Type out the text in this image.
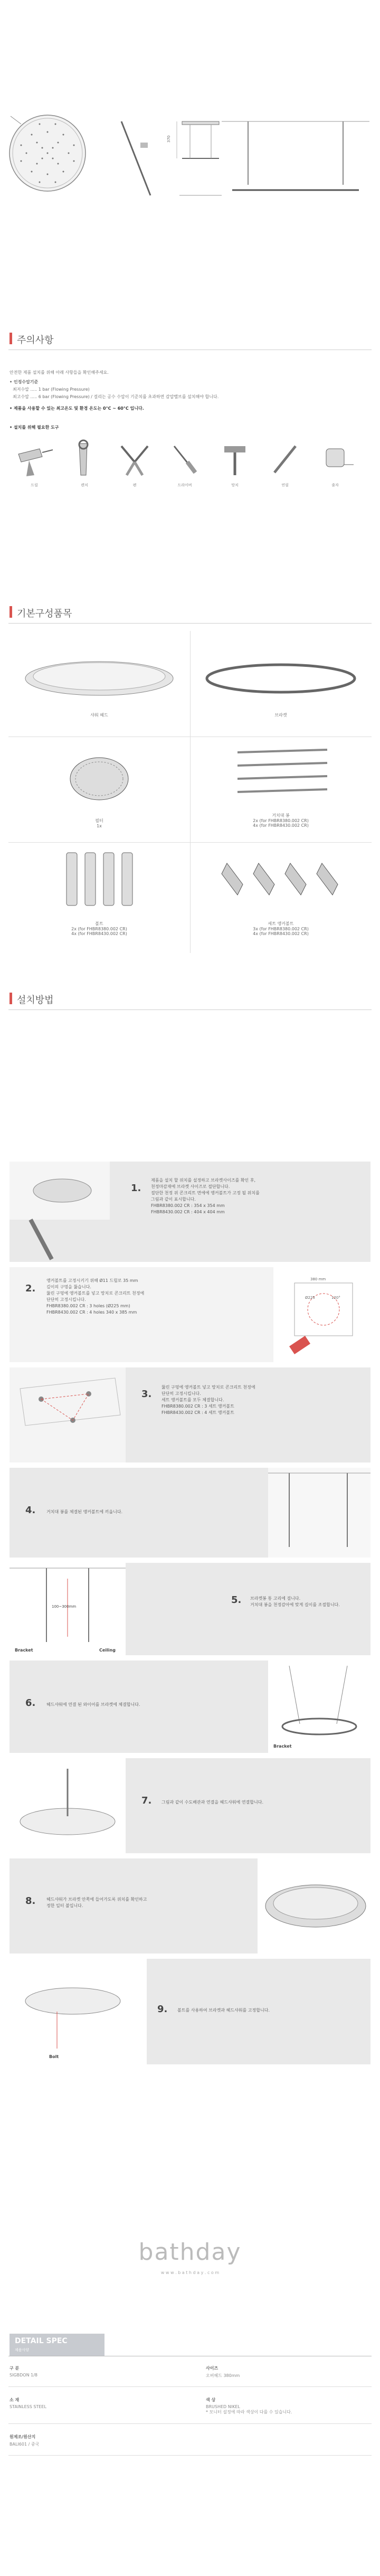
370
주의사항
안전한 제품 설치를 위해 아래 사항들을 확인해주세요.
• 인정수압기준
최저수압 ..... 1 bar (Flowing Pressure)
최고수압 ..... 6 bar (Flowing Pressure) / 걸리는 공수 수압이 기준치를 초과하면 감압밸브를 설치해야 합니다.
• 제품을 사용할 수 있는 최고온도 및 환경 온도는 0°C ~ 60°C 입니다.
• 설치를 위해 필요한 도구
드릴	렌치	펜	드라이버	망치	연필	줄자
기본구성품목
샤워 헤드	브라켓
필터
1x
거치대 봉
2x (for FHBR8380.002 CR)
4x (for FHBR8430.002 CR)
볼트
2x (for FHBR8380.002 CR)
4x (for FHBR8430.002 CR)
세트 앵커볼트
3x (for FHBR8380.002 CR)
4x (for FHBR8430.002 CR)
설치방법
1.
제품을 설치 할 위치를 설정하고 브라켓사이즈를 확인 후,
천정마감재에 브라켓 사이즈로 절단합니다.
절단한 천정 위 콘크리트 면에에 앵커볼트가 고정 될 위치를
그림과 같이 표시합니다.
FHBR8380.002 CR : 354 x 354 mm
FHBR8430.002 CR : 404 x 404 mm
2.
앵커볼트를 고정시키기 위해 Ø11 드릴로 35 mm
깊이의 구멍을 뚫습니다.
뚫린 구멍에 앵커볼트를 넣고 망치로 콘크리트 천정에
단단히 고정시킵니다.
FHBR8380.002 CR : 3 holes (Ø225 mm)
FHBR8430.002 CR : 4 holes 340 x 385 mm
380 mm
Ø225	120°
3.
뚫린 구멍에 앵커볼트 넣고 망치로 콘크리트 천정에
단단히 고정시킵니다.
세트 앵커볼트를 모두 체결합니다.
FHBR8380.002 CR : 3 세트 앵커볼트
FHBR8430.002 CR : 4 세트 앵커볼트
4.	거치대 봉를 체결된 앵커볼트에 끼웁니다.
100~300mm
Bracket	Ceiling
5. 브라켓봉 통 고리에 걸니다.
거치대 봉을 천정감아에 맞게 길이를 조절합니다.
6.	헤드샤워에 연결 된 와이어를 브라켓에 체결합니다.
Bracket
7. 그림과 같이 수도배관과 연결을 헤드샤워에 연결합니다.
8.	헤드샤워가 브라켓 안쪽에 들어가도록 위치를 확인하고
정한 일터 불입니다.
Bolt
9. 볼트를 사용하여 브라켓과 헤드샤워를 고정합니다.
bathday
w w w . b a t h d a y . c o m
DETAIL SPEC
제품사양
구 분
SIGBDON 1/8
사이즈
오버헤드 380mm
소 재
STAINLESS STEEL
색 상
BRUSHED NIKEL
* 모니터 설정에 따라 색상이 다를 수 있습니다.
원제조/원산지
BALI601 / 중국
